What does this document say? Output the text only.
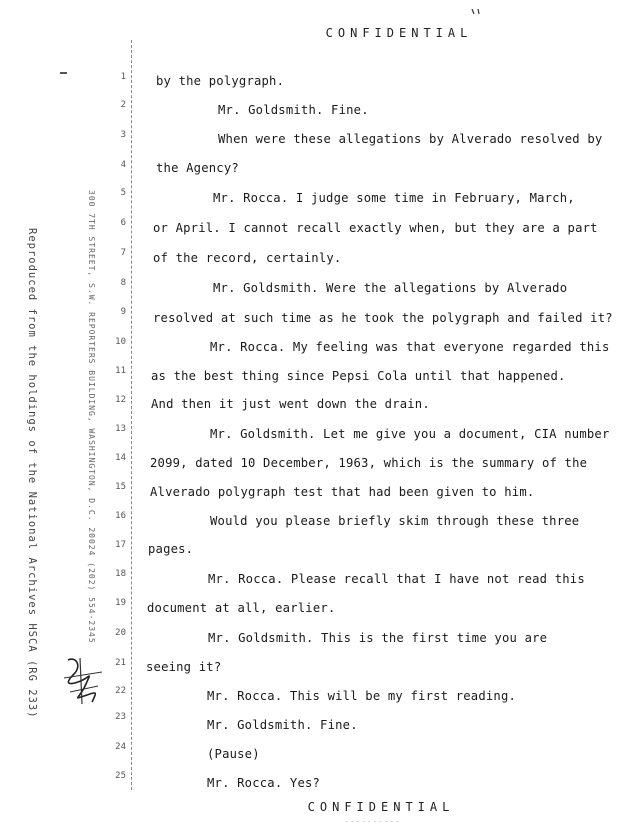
CONFIDENTIAL
Reproduced from the holdings of the National Archives HSCA (RG 233)	300 7TH STREET, S.W. REPORTERS BUILDING, WASHINGTON, D.C. 20024 (202) 554-2345
1
2
3
4
5
6
7
8
9
10
11
12
13
14
15
16
17
18
19
20
21
22
23
24
25
by the polygraph.
Mr. Goldsmith. Fine.
When were these allegations by Alverado resolved by
the Agency?
Mr. Rocca. I judge some time in February, March,
or April. I cannot recall exactly when, but they are a part
of the record, certainly.
Mr. Goldsmith. Were the allegations by Alverado
resolved at such time as he took the polygraph and failed it?
Mr. Rocca. My feeling was that everyone regarded this
as the best thing since Pepsi Cola until that happened.
And then it just went down the drain.
Mr. Goldsmith. Let me give you a document, CIA number
2099, dated 10 December, 1963, which is the summary of the
Alverado polygraph test that had been given to him.
Would you please briefly skim through these three
pages.
Mr. Rocca. Please recall that I have not read this
document at all, earlier.
Mr. Goldsmith. This is the first time you are
seeing it?
Mr. Rocca. This will be my first reading.
Mr. Goldsmith. Fine.
(Pause)
Mr. Rocca. Yes?
CONFIDENTIAL
----------
